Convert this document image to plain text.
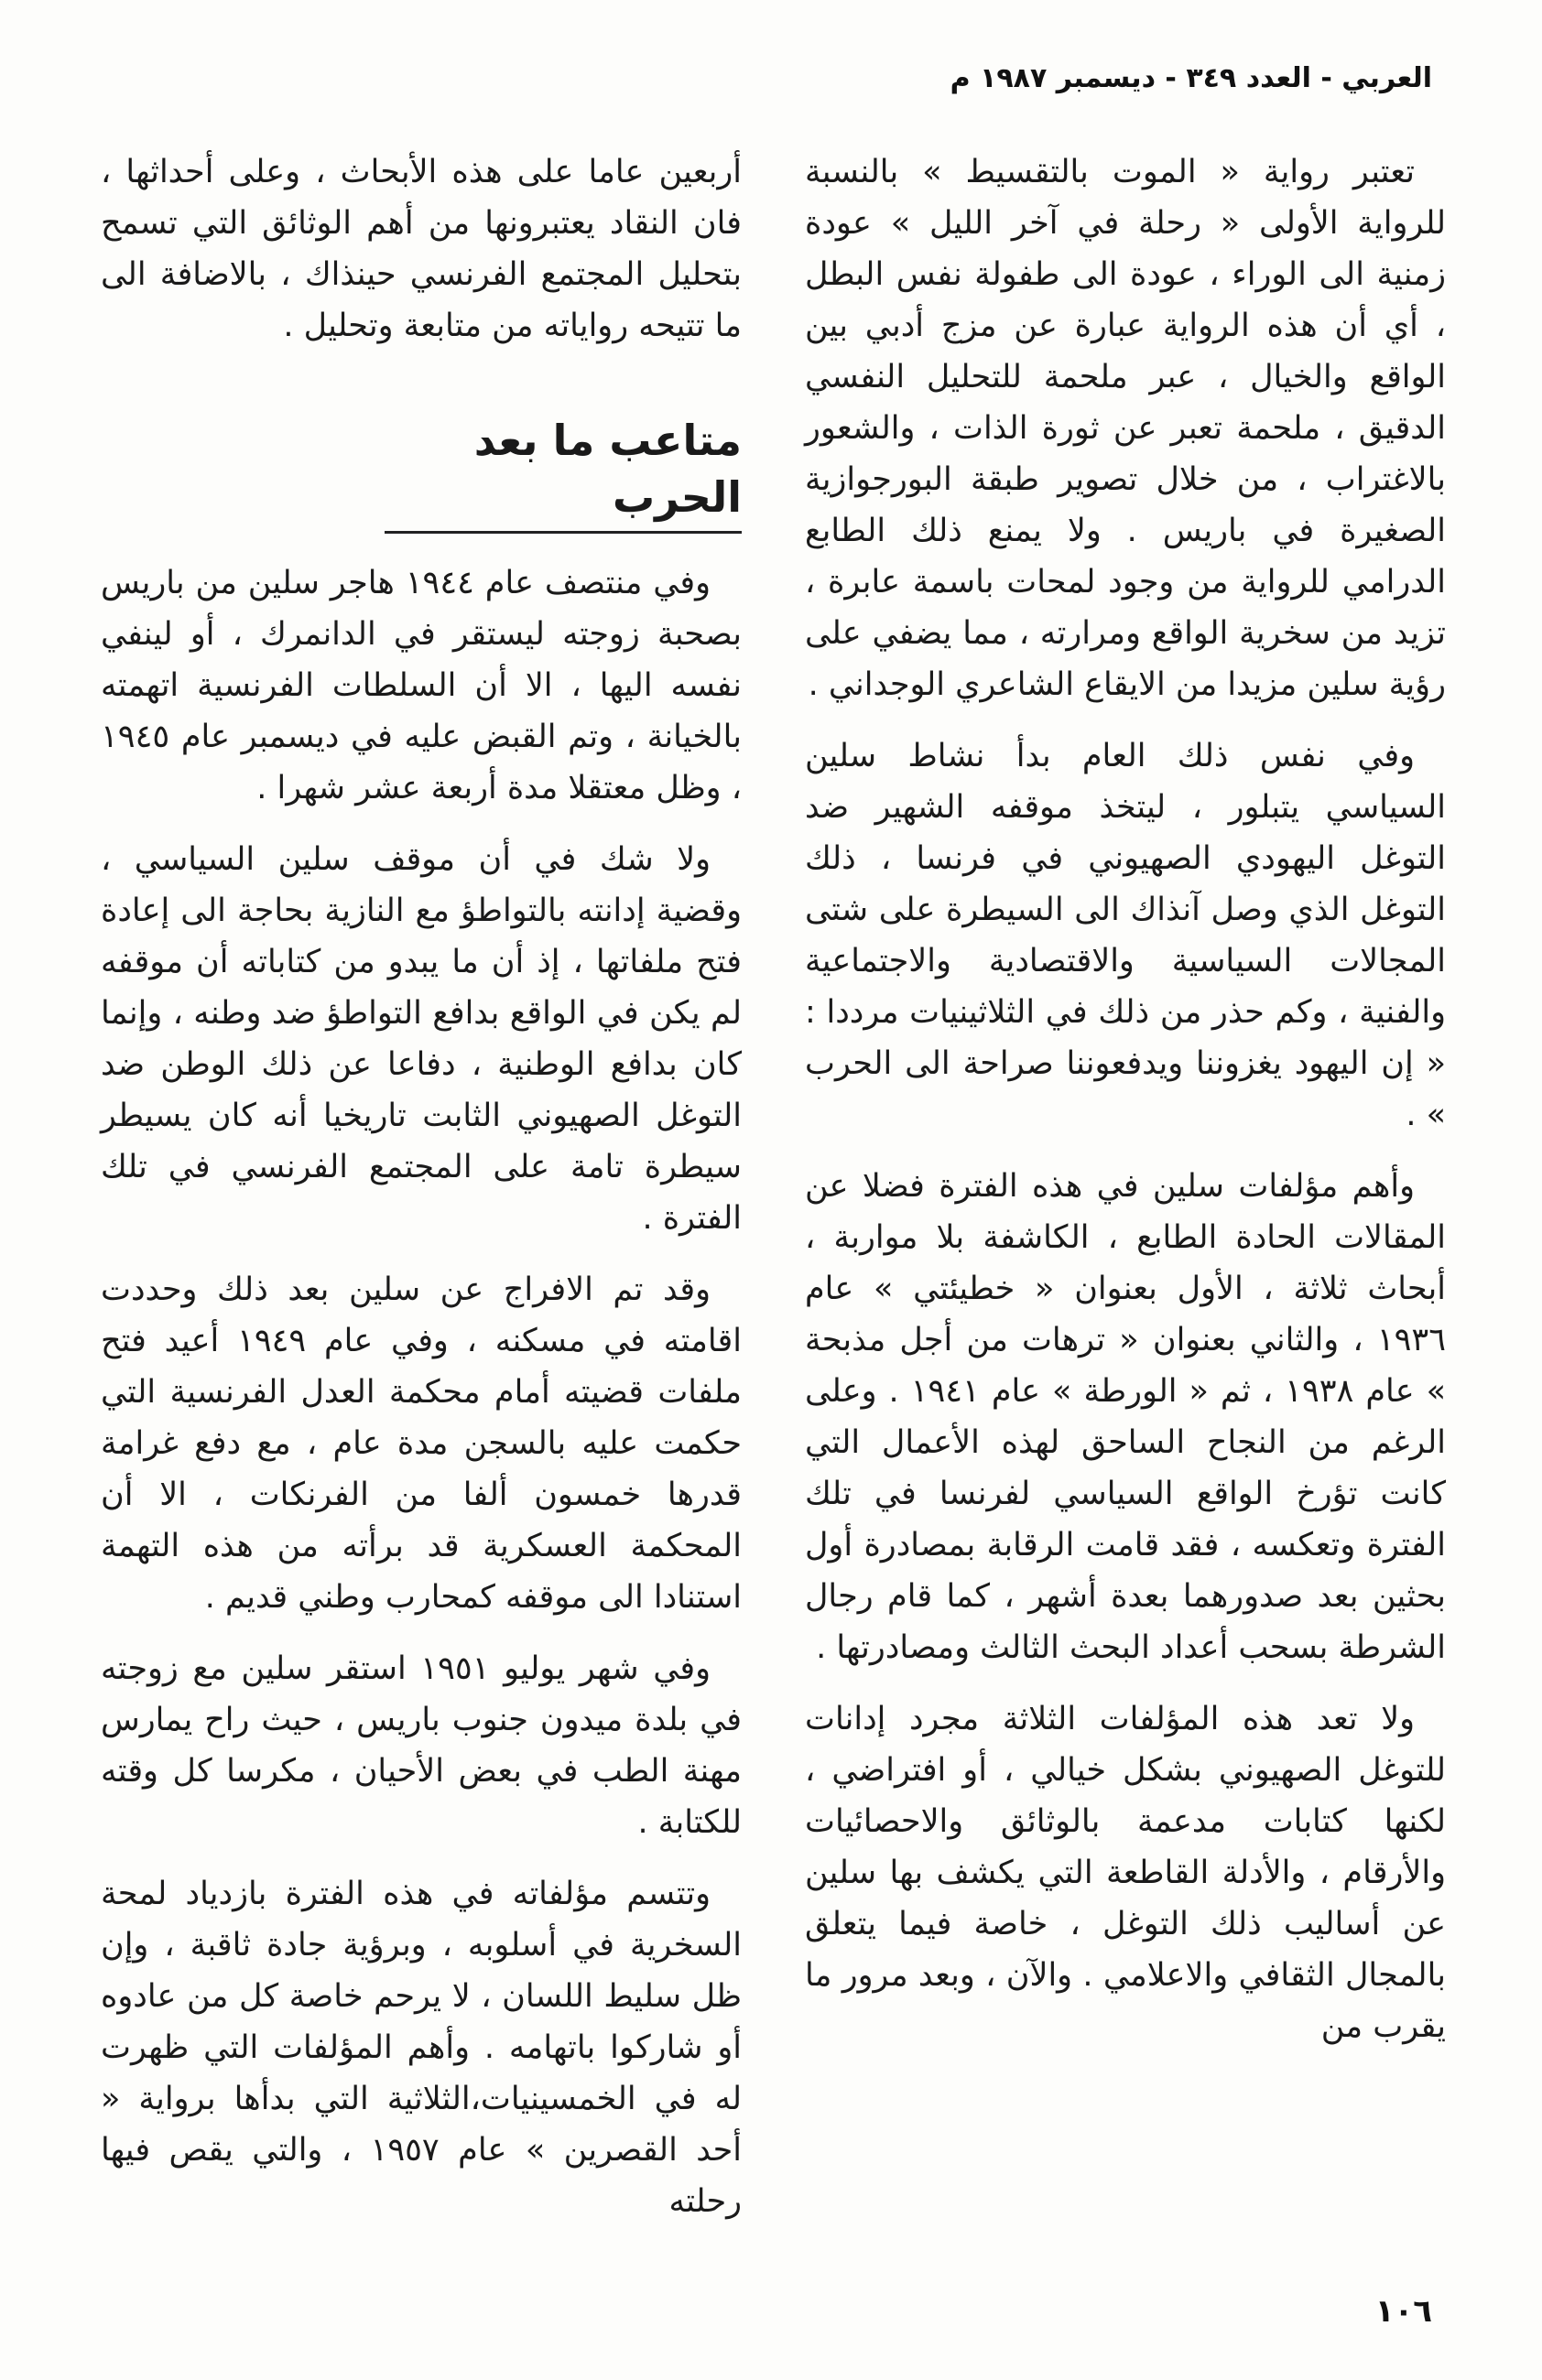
العربي - العدد ٣٤٩ - ديسمبر ١٩٨٧ م

تعتبر رواية « الموت بالتقسيط » بالنسبة للرواية الأولى « رحلة في آخر الليل » عودة زمنية الى الوراء ، عودة الى طفولة نفس البطل ، أي أن هذه الرواية عبارة عن مزج أدبي بين الواقع والخيال ، عبر ملحمة للتحليل النفسي الدقيق ، ملحمة تعبر عن ثورة الذات ، والشعور بالاغتراب ، من خلال تصوير طبقة البورجوازية الصغيرة في باريس . ولا يمنع ذلك الطابع الدرامي للرواية من وجود لمحات باسمة عابرة ، تزيد من سخرية الواقع ومرارته ، مما يضفي على رؤية سلين مزيدا من الايقاع الشاعري الوجداني .

وفي نفس ذلك العام بدأ نشاط سلين السياسي يتبلور ، ليتخذ موقفه الشهير ضد التوغل اليهودي الصهيوني في فرنسا ، ذلك التوغل الذي وصل آنذاك الى السيطرة على شتى المجالات السياسية والاقتصادية والاجتماعية والفنية ، وكم حذر من ذلك في الثلاثينيات مرددا : « إن اليهود يغزوننا ويدفعوننا صراحة الى الحرب » .

وأهم مؤلفات سلين في هذه الفترة فضلا عن المقالات الحادة الطابع ، الكاشفة بلا مواربة ، أبحاث ثلاثة ، الأول بعنوان « خطيئتي » عام ١٩٣٦ ، والثاني بعنوان « ترهات من أجل مذبحة » عام ١٩٣٨ ، ثم « الورطة » عام ١٩٤١ . وعلى الرغم من النجاح الساحق لهذه الأعمال التي كانت تؤرخ الواقع السياسي لفرنسا في تلك الفترة وتعكسه ، فقد قامت الرقابة بمصادرة أول بحثين بعد صدورهما بعدة أشهر ، كما قام رجال الشرطة بسحب أعداد البحث الثالث ومصادرتها .

ولا تعد هذه المؤلفات الثلاثة مجرد إدانات للتوغل الصهيوني بشكل خيالي ، أو افتراضي ، لكنها كتابات مدعمة بالوثائق والاحصائيات والأرقام ، والأدلة القاطعة التي يكشف بها سلين عن أساليب ذلك التوغل ، خاصة فيما يتعلق بالمجال الثقافي والاعلامي . والآن ، وبعد مرور ما يقرب من

أربعين عاما على هذه الأبحاث ، وعلى أحداثها ، فان النقاد يعتبرونها من أهم الوثائق التي تسمح بتحليل المجتمع الفرنسي حينذاك ، بالاضافة الى ما تتيحه رواياته من متابعة وتحليل .

متاعب ما بعد الحرب

وفي منتصف عام ١٩٤٤ هاجر سلين من باريس بصحبة زوجته ليستقر في الدانمرك ، أو لينفي نفسه اليها ، الا أن السلطات الفرنسية اتهمته بالخيانة ، وتم القبض عليه في ديسمبر عام ١٩٤٥ ، وظل معتقلا مدة أربعة عشر شهرا .

ولا شك في أن موقف سلين السياسي ، وقضية إدانته بالتواطؤ مع النازية بحاجة الى إعادة فتح ملفاتها ، إذ أن ما يبدو من كتاباته أن موقفه لم يكن في الواقع بدافع التواطؤ ضد وطنه ، وإنما كان بدافع الوطنية ، دفاعا عن ذلك الوطن ضد التوغل الصهيوني الثابت تاريخيا أنه كان يسيطر سيطرة تامة على المجتمع الفرنسي في تلك الفترة .

وقد تم الافراج عن سلين بعد ذلك وحددت اقامته في مسكنه ، وفي عام ١٩٤٩ أعيد فتح ملفات قضيته أمام محكمة العدل الفرنسية التي حكمت عليه بالسجن مدة عام ، مع دفع غرامة قدرها خمسون ألفا من الفرنكات ، الا أن المحكمة العسكرية قد برأته من هذه التهمة استنادا الى موقفه كمحارب وطني قديم .

وفي شهر يوليو ١٩٥١ استقر سلين مع زوجته في بلدة ميدون جنوب باريس ، حيث راح يمارس مهنة الطب في بعض الأحيان ، مكرسا كل وقته للكتابة .

وتتسم مؤلفاته في هذه الفترة بازدياد لمحة السخرية في أسلوبه ، وبرؤية جادة ثاقبة ، وإن ظل سليط اللسان ، لا يرحم خاصة كل من عادوه أو شاركوا باتهامه . وأهم المؤلفات التي ظهرت له في الخمسينيات،الثلاثية التي بدأها برواية « أحد القصرين » عام ١٩٥٧ ، والتي يقص فيها رحلته

١٠٦
